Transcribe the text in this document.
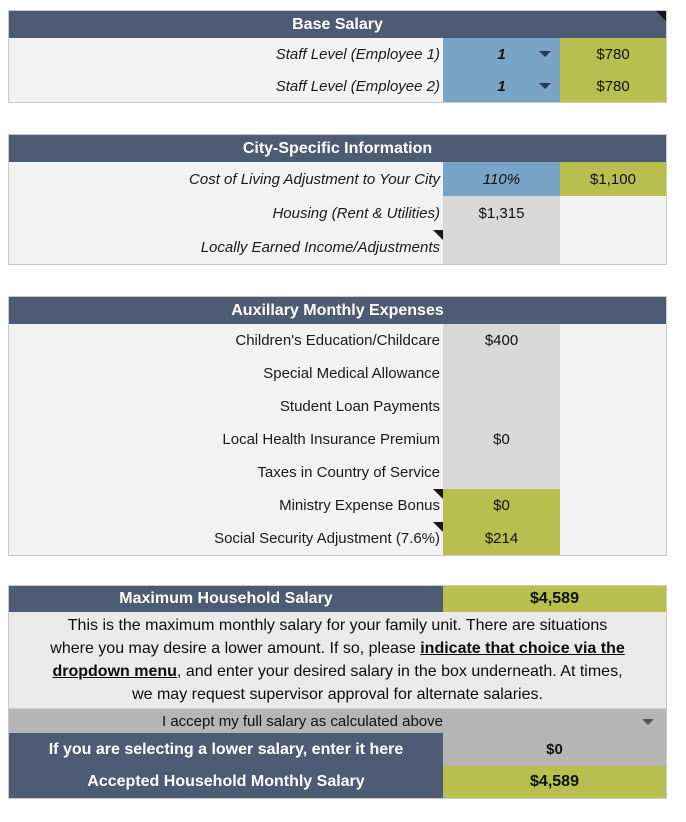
Base Salary
Staff Level (Employee 1)	1	$780
Staff Level (Employee 2)	1	$780
City-Specific Information
Cost of Living Adjustment to Your City	110%	$1,100
Housing (Rent & Utilities)	$1,315
Locally Earned Income/Adjustments
Auxillary Monthly Expenses
Children's Education/Childcare	$400
Special Medical Allowance
Student Loan Payments
Local Health Insurance Premium	$0
Taxes in Country of Service
Ministry Expense Bonus	$0
Social Security Adjustment (7.6%)	$214
Maximum Household Salary	$4,589
This is the maximum monthly salary for your family unit. There are situations where you may desire a lower amount. If so, please indicate that choice via the dropdown menu, and enter your desired salary in the box underneath. At times, we may request supervisor approval for alternate salaries.
I accept my full salary as calculated above
If you are selecting a lower salary, enter it here	$0
Accepted Household Monthly Salary	$4,589
